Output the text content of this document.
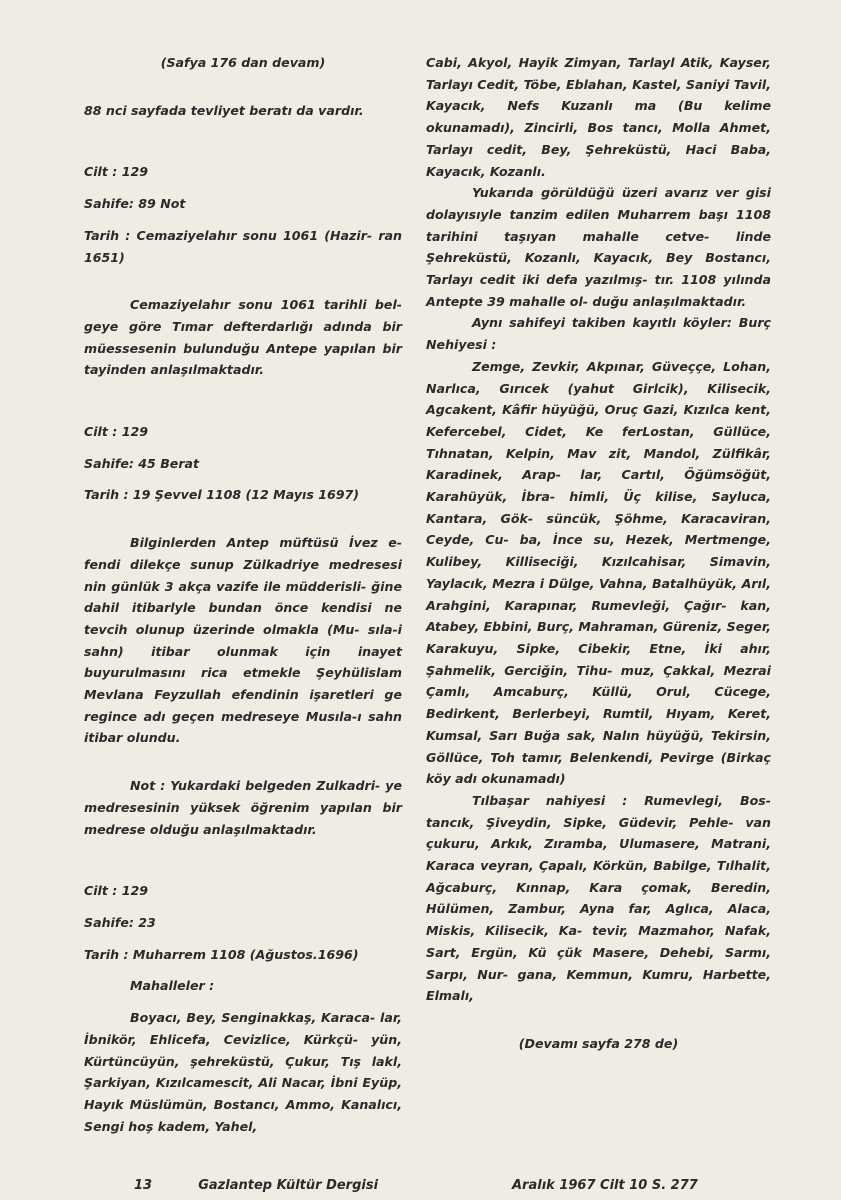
(Safya 176 dan devam)

88 nci sayfada tevliyet beratı da vardır.

Cilt : 129

Sahife: 89 Not

Tarih : Cemaziyelahır sonu 1061 (Hazir- ran 1651)

Cemaziyelahır sonu 1061 tarihli bel- geye göre Tımar defterdarlığı adında bir müessesenin bulunduğu Antepe yapılan bir tayinden anlaşılmaktadır.

Cilt : 129

Sahife: 45 Berat

Tarih : 19 Şevvel 1108 (12 Mayıs 1697)

Bilginlerden Antep müftüsü İvez e- fendi dilekçe sunup Zülkadriye medresesi nin günlük 3 akça vazife ile müdderisli- ğine dahil itibarlyle bundan önce kendisi ne tevcih olunup üzerinde olmakla (Mu- sıla-i sahn) itibar olunmak için inayet buyurulmasını rica etmekle Şeyhülislam Mevlana Feyzullah efendinin işaretleri ge regince adı geçen medreseye Musıla-ı sahn itibar olundu.

Not : Yukardaki belgeden Zulkadri- ye medresesinin yüksek öğrenim yapılan bir medrese olduğu anlaşılmaktadır.

Cilt : 129

Sahife: 23

Tarih : Muharrem 1108 (Ağustos.1696)

Mahalleler :

Boyacı, Bey, Senginakkaş, Karaca- lar, İbnikör, Ehlicefa, Cevizlice, Kürkçü- yün, Kürtüncüyün, şehreküstü, Çukur, Tış lakl, Şarkiyan, Kızılcamescit, Ali Nacar, İbni Eyüp, Hayık Müslümün, Bostancı, Ammo, Kanalıcı, Sengi hoş kadem, Yahel,

Cabi, Akyol, Hayik Zimyan, Tarlayl Atik, Kayser, Tarlayı Cedit, Töbe, Eblahan, Kastel, Saniyi Tavil, Kayacık, Nefs Kuzanlı ma (Bu kelime okunamadı), Zincirli, Bos tancı, Molla Ahmet, Tarlayı cedit, Bey, Şehreküstü, Haci Baba, Kayacık, Kozanlı.

Yukarıda görüldüğü üzeri avarız ver gisi dolayısıyle tanzim edilen Muharrem başı 1108 tarihini taşıyan mahalle cetve- linde Şehreküstü, Kozanlı, Kayacık, Bey Bostancı, Tarlayı cedit iki defa yazılmış- tır. 1108 yılında Antepte 39 mahalle ol- duğu anlaşılmaktadır.

Aynı sahifeyi takiben kayıtlı köyler: Burç Nehiyesi :

Zemge, Zevkir, Akpınar, Güveççe, Lohan, Narlıca, Gırıcek (yahut Girlcik), Kilisecik, Agcakent, Kâfir hüyüğü, Oruç Gazi, Kızılca kent, Kefercebel, Cidet, Ke ferLostan, Güllüce, Tıhnatan, Kelpin, Mav zit, Mandol, Zülfikâr, Karadinek, Arap- lar, Cartıl, Öğümsöğüt, Karahüyük, İbra- himli, Üç kilise, Sayluca, Kantara, Gök- süncük, Şöhme, Karacaviran, Ceyde, Cu- ba, İnce su, Hezek, Mertmenge, Kulibey, Killiseciği, Kızılcahisar, Simavin, Yaylacık, Mezra i Dülge, Vahna, Batalhüyük, Arıl, Arahgini, Karapınar, Rumevleği, Çağır- kan, Atabey, Ebbini, Burç, Mahraman, Güreniz, Seger, Karakuyu, Sipke, Cibekir, Etne, İki ahır, Şahmelik, Gerciğin, Tihu- muz, Çakkal, Mezrai Çamlı, Amcaburç, Küllü, Orul, Cücege, Bedirkent, Berlerbeyi, Rumtil, Hıyam, Keret, Kumsal, Sarı Buğa sak, Nalın hüyüğü, Tekirsin, Göllüce, Toh tamır, Belenkendi, Pevirge (Birkaç köy adı okunamadı)

Tılbaşar nahiyesi : Rumevlegi, Bos- tancık, Şiveydin, Sipke, Güdevir, Pehle- van çukuru, Arkık, Zıramba, Ulumasere, Matrani, Karaca veyran, Çapalı, Körkün, Babilge, Tılhalit, Ağcaburç, Kınnap, Kara çomak, Beredin, Hülümen, Zambur, Ayna far, Aglıca, Alaca, Miskis, Kilisecik, Ka- tevir, Mazmahor, Nafak, Sart, Ergün, Kü çük Masere, Dehebi, Sarmı, Sarpı, Nur- gana, Kemmun, Kumru, Harbette, Elmalı,

(Devamı sayfa 278 de)

13	Gazlantep Kültür Dergisi	Aralık 1967 Cilt 10 S. 277
